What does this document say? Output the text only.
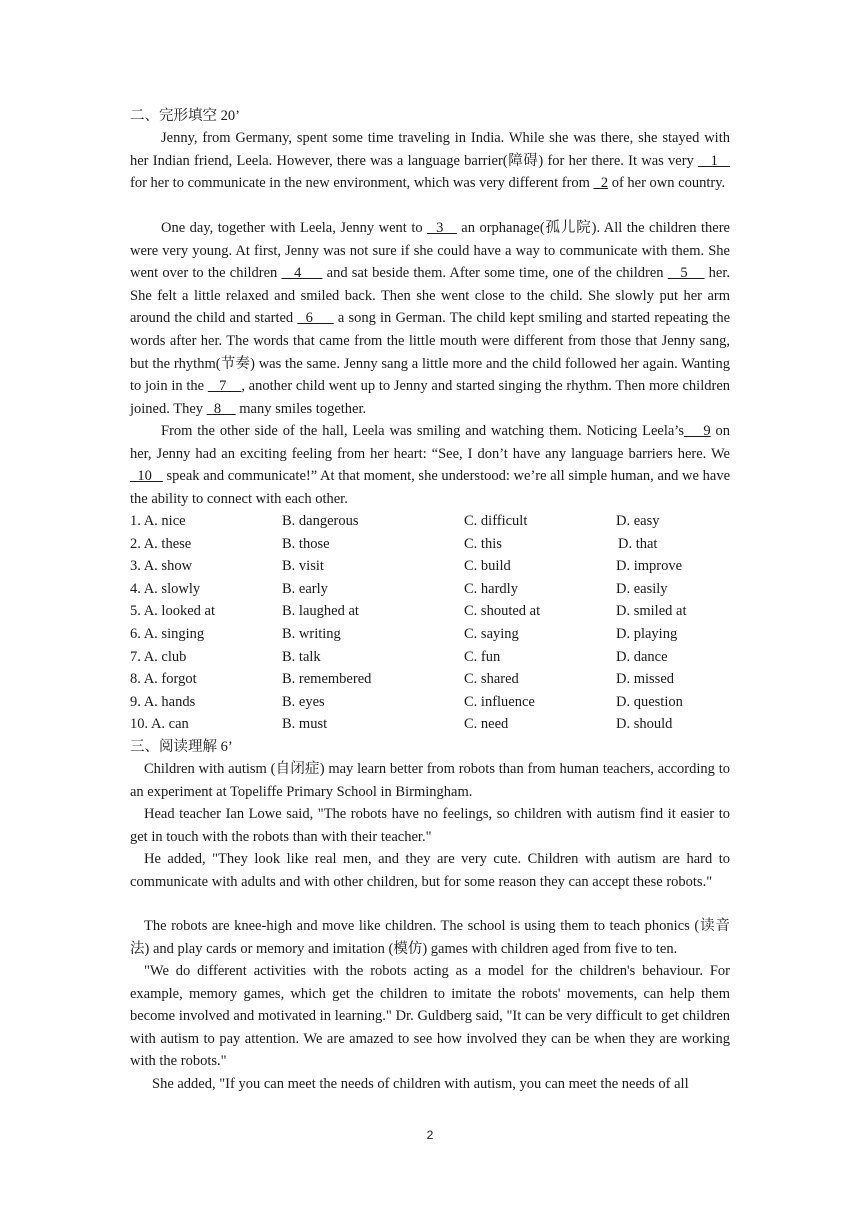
二、完形填空 20’

Jenny, from Germany, spent some time traveling in India. While she was there, she stayed with her Indian friend, Leela. However, there was a language barrier(障碍) for her there. It was very    1    for her to communicate in the new environment, which was very different from   2 of her own country.

One day, together with Leela, Jenny went to   3    an orphanage(孤儿院). All the children there were very young. At first, Jenny was not sure if she could have a way to communicate with them. She went over to the children    4      and sat beside them. After some time, one of the children    5     her. She felt a little relaxed and smiled back. Then she went close to the child. She slowly put her arm around the child and started   6      a song in German. The child kept smiling and started repeating the words after her. The words that came from the little mouth were different from those that Jenny sang, but the rhythm(节奏) was the same. Jenny sang a little more and the child followed her again. Wanting to join in the    7    , another child went up to Jenny and started singing the rhythm. Then more children joined. They   8     many smiles together.

From the other side of the hall, Leela was smiling and watching them. Noticing Leela’s    9 on her, Jenny had an exciting feeling from her heart: “See, I don’t have any language barriers here. We   10    speak and communicate!” At that moment, she understood: we’re all simple human, and we have the ability to connect with each other.

1. A. nice	B. dangerous	C. difficult	D. easy
2. A. these	B. those	C. this	D. that
3. A. show	B. visit	C. build	D. improve
4. A. slowly	B. early	C. hardly	D. easily
5. A. looked at	B. laughed at	C. shouted at	D. smiled at
6. A. singing	B. writing	C. saying	D. playing
7. A. club	B. talk	C. fun	D. dance
8. A. forgot	B. remembered	C. shared	D. missed
9. A. hands	B. eyes	C. influence	D. question
10. A. can	B. must	C. need	D. should
三、阅读理解 6’

Children with autism (自闭症) may learn better from robots than from human teachers, according to an experiment at Topeliffe Primary School in Birmingham.

Head teacher Ian Lowe said, "The robots have no feelings, so children with autism find it easier to get in touch with the robots than with their teacher."

He added, "They look like real men, and they are very cute. Children with autism are hard to communicate with adults and with other children, but for some reason they can accept these robots."

The robots are knee-high and move like children. The school is using them to teach phonics (读音法) and play cards or memory and imitation (模仿) games with children aged from five to ten.

"We do different activities with the robots acting as a model for the children's behaviour. For example, memory games, which get the children to imitate the robots' movements, can help them become involved and motivated in learning." Dr. Guldberg said, "It can be very difficult to get children with autism to pay attention. We are amazed to see how involved they can be when they are working with the robots."

She added, "If you can meet the needs of children with autism, you can meet the needs of all

2
